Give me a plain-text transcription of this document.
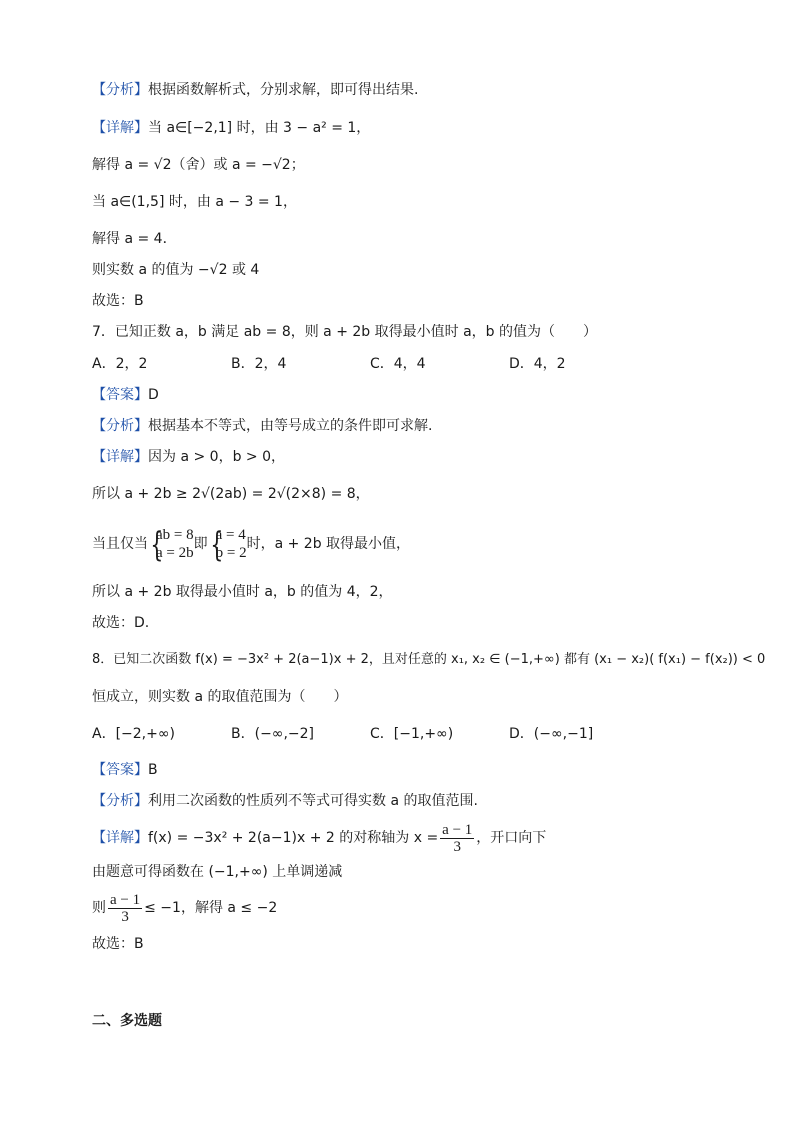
【分析】根据函数解析式，分别求解，即可得出结果.
【详解】当 a∈[−2,1] 时，由 3 − a² = 1，
解得 a = √2（舍）或 a = −√2；
当 a∈(1,5] 时，由 a − 3 = 1，
解得 a = 4．
则实数 a 的值为 −√2 或 4
故选：B
7．已知正数 a，b 满足 ab = 8，则 a + 2b 取得最小值时 a，b 的值为（　　）
A．2，2	B．2，4	C．4，4	D．4，2
【答案】D
【分析】根据基本不等式，由等号成立的条件即可求解.
【详解】因为 a > 0，b > 0，
所以 a + 2b ≥ 2√(2ab) = 2√(2×8) = 8，
当且仅当
{ ab = 8
a = 2b
即
{ a = 4
b = 2
时，a + 2b 取得最小值，
所以 a + 2b 取得最小值时 a，b 的值为 4，2，
故选：D.
8．已知二次函数 f(x) = −3x² + 2(a−1)x + 2，且对任意的 x₁, x₂ ∈ (−1,+∞) 都有 (x₁ − x₂)( f(x₁) − f(x₂)) < 0
恒成立，则实数 a 的取值范围为（　　）
A．[−2,+∞)	B．(−∞,−2]	C．[−1,+∞)	D．(−∞,−1]
【答案】B
【分析】利用二次函数的性质列不等式可得实数 a 的取值范围.
【详解】f(x) = −3x² + 2(a−1)x + 2 的对称轴为 $x = \frac{a - 1}{3}$ ，开口向下
由题意可得函数在 (−1,+∞) 上单调递减
则 $\frac{a - 1}{3} \le -1$，解得 a ≤ −2
故选：B
二、多选题
